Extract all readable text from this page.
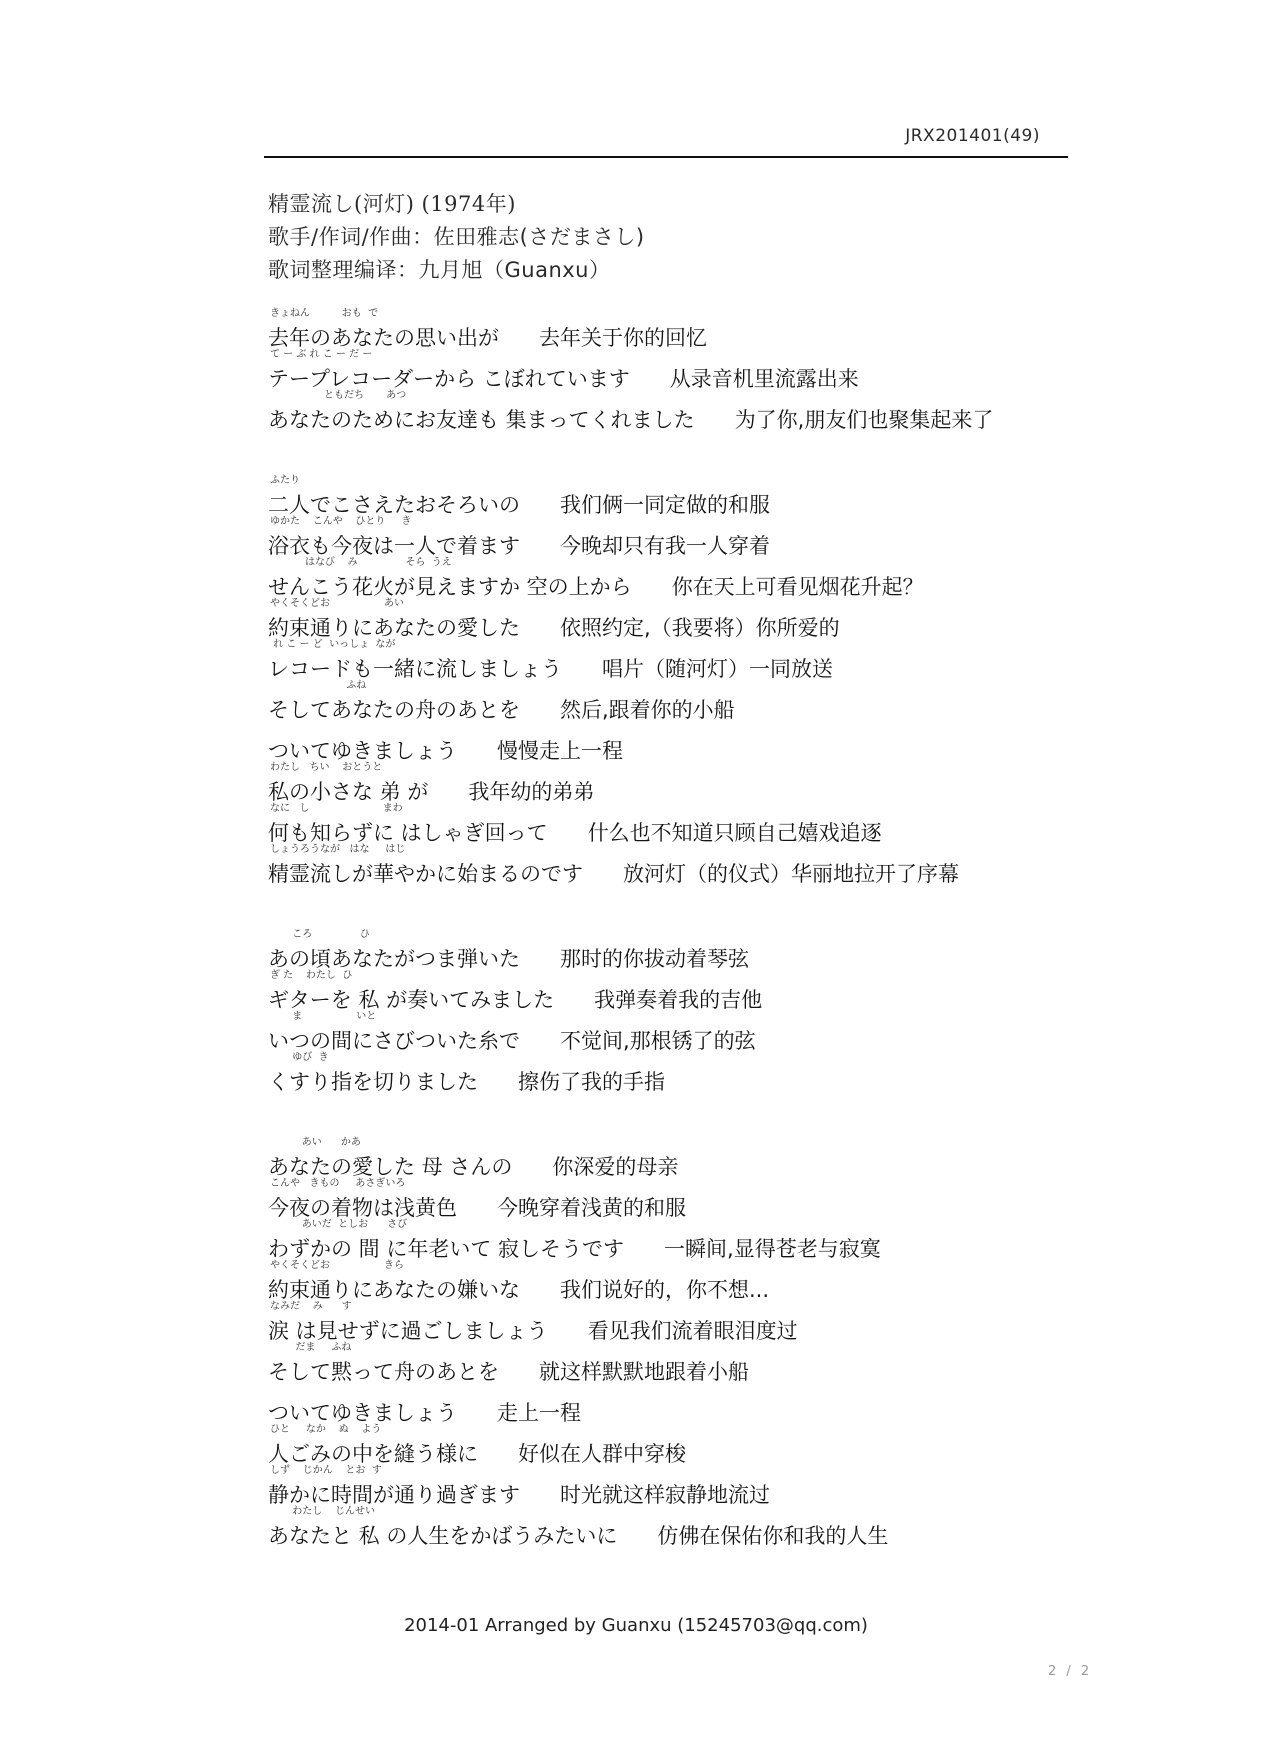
JRX201401(49)
精霊流し(河灯) (1974年)
歌手/作词/作曲：佐田雅志(さだまさし)
歌词整理编译：九月旭（Guanxu）
きょねん          おも  で
去年のあなたの思い出が 去年关于你的回忆
て ー ぶ れ こ ー だ ー
テープレコーダーから こぼれています 从录音机里流露出来
ともだち       あつ
あなたのためにお友達も 集まってくれました 为了你,朋友们也聚集起来了
ふたり
二人でこさえたおそろいの 我们俩一同定做的和服
ゆかた    こんや    ひとり     き
浴衣も今夜は一人で着ます 今晚却只有我一人穿着
はなび    み               そら  うえ
せんこう花火が見えますか 空の上から 你在天上可看见烟花升起？
やくそくどお                 あい
約束通りにあなたの愛した 依照约定,（我要将）你所爱的
れ こ ー ど  いっしょ  なが
レコードも一緒に流しましょう 唱片（随河灯）一同放送
ふね
そしてあなたの舟のあとを 然后,跟着你的小船
ついてゆきましょう 慢慢走上一程
わたし   ちい    おとうと
私の小さな 弟 が 我年幼的弟弟
なに   し                       まわ
何も知らずに はしゃぎ回って 什么也不知道只顾自己嬉戏追逐
しょうろうなが   はな     はじ
精霊流しが華やかに始まるのです 放河灯（的仪式）华丽地拉开了序幕
ころ               ひ
あの頃あなたがつま弾いた 那时的你拔动着琴弦
ぎ た    わたし  ひ
ギターを 私 が奏いてみました 我弹奏着我的吉他
ま                 いと
いつの間にさびついた糸で 不觉间,那根锈了的弦
ゆび  き
くすり指を切りました 擦伤了我的手指
あい      かあ
あなたの愛した 母 さんの 你深爱的母亲
こんや   きもの     あさぎいろ
今夜の着物は浅黄色 今晚穿着浅黄的和服
あいだ  としお      さび
わずかの 間 に年老いて 寂しそうです 一瞬间,显得苍老与寂寞
やくそくどお                 きら
約束通りにあなたの嫌いな 我们说好的，你不想...
なみだ    み      す
涙 は見せずに過ごしましょう 看见我们流着眼泪度过
だま     ふね
そして黙って舟のあとを 就这样默默地跟着小船
ついてゆきましょう 走上一程
ひと     なか    ぬ    よう
人ごみの中を縫う様に 好似在人群中穿梭
しず    じかん    とお  す
静かに時間が通り過ぎます 时光就这样寂静地流过
わたし    じんせい
あなたと 私 の人生をかばうみたいに 仿佛在保佑你和我的人生
2014-01 Arranged by Guanxu (15245703@qq.com)
2 / 2
